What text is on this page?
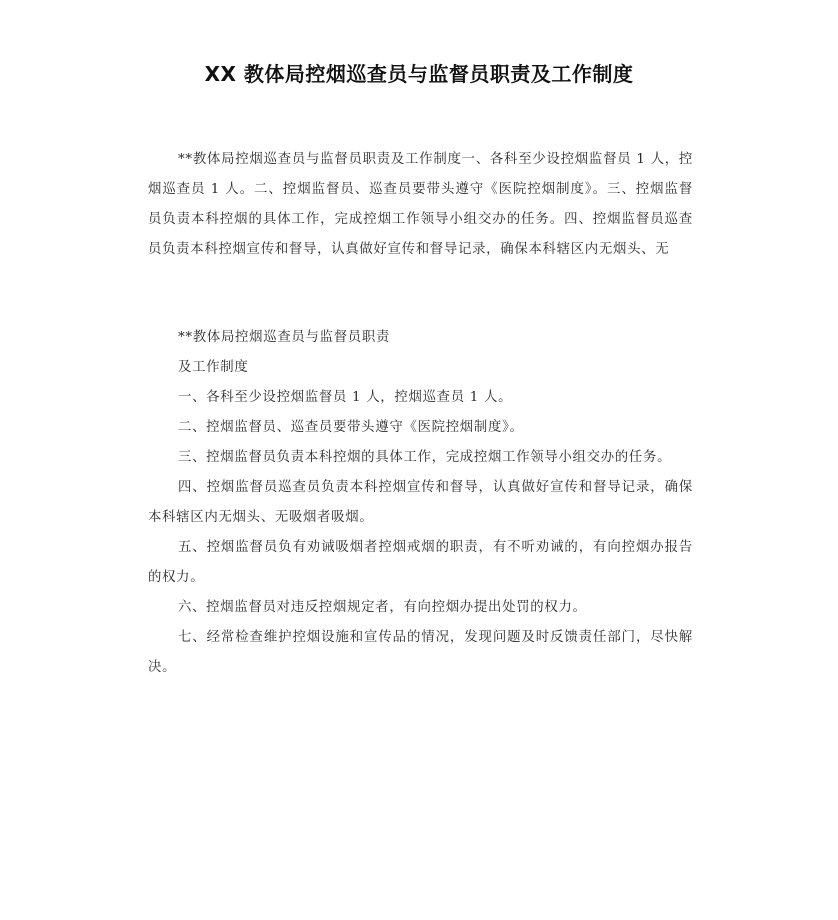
XX 教体局控烟巡查员与监督员职责及工作制度
**教体局控烟巡查员与监督员职责及工作制度一、各科至少设控烟监督员 1 人，控烟巡查员 1 人。二、控烟监督员、巡查员要带头遵守《医院控烟制度》。三、控烟监督员负责本科控烟的具体工作，完成控烟工作领导小组交办的任务。四、控烟监督员巡查员负责本科控烟宣传和督导，认真做好宣传和督导记录，确保本科辖区内无烟头、无

**教体局控烟巡查员与监督员职责

及工作制度

一、各科至少设控烟监督员 1 人，控烟巡查员 1 人。

二、控烟监督员、巡查员要带头遵守《医院控烟制度》。

三、控烟监督员负责本科控烟的具体工作，完成控烟工作领导小组交办的任务。

四、控烟监督员巡查员负责本科控烟宣传和督导，认真做好宣传和督导记录，确保本科辖区内无烟头、无吸烟者吸烟。

五、控烟监督员负有劝诫吸烟者控烟戒烟的职责，有不听劝诫的，有向控烟办报告的权力。

六、控烟监督员对违反控烟规定者，有向控烟办提出处罚的权力。

七、经常检查维护控烟设施和宣传品的情况，发现问题及时反馈责任部门，尽快解决。
